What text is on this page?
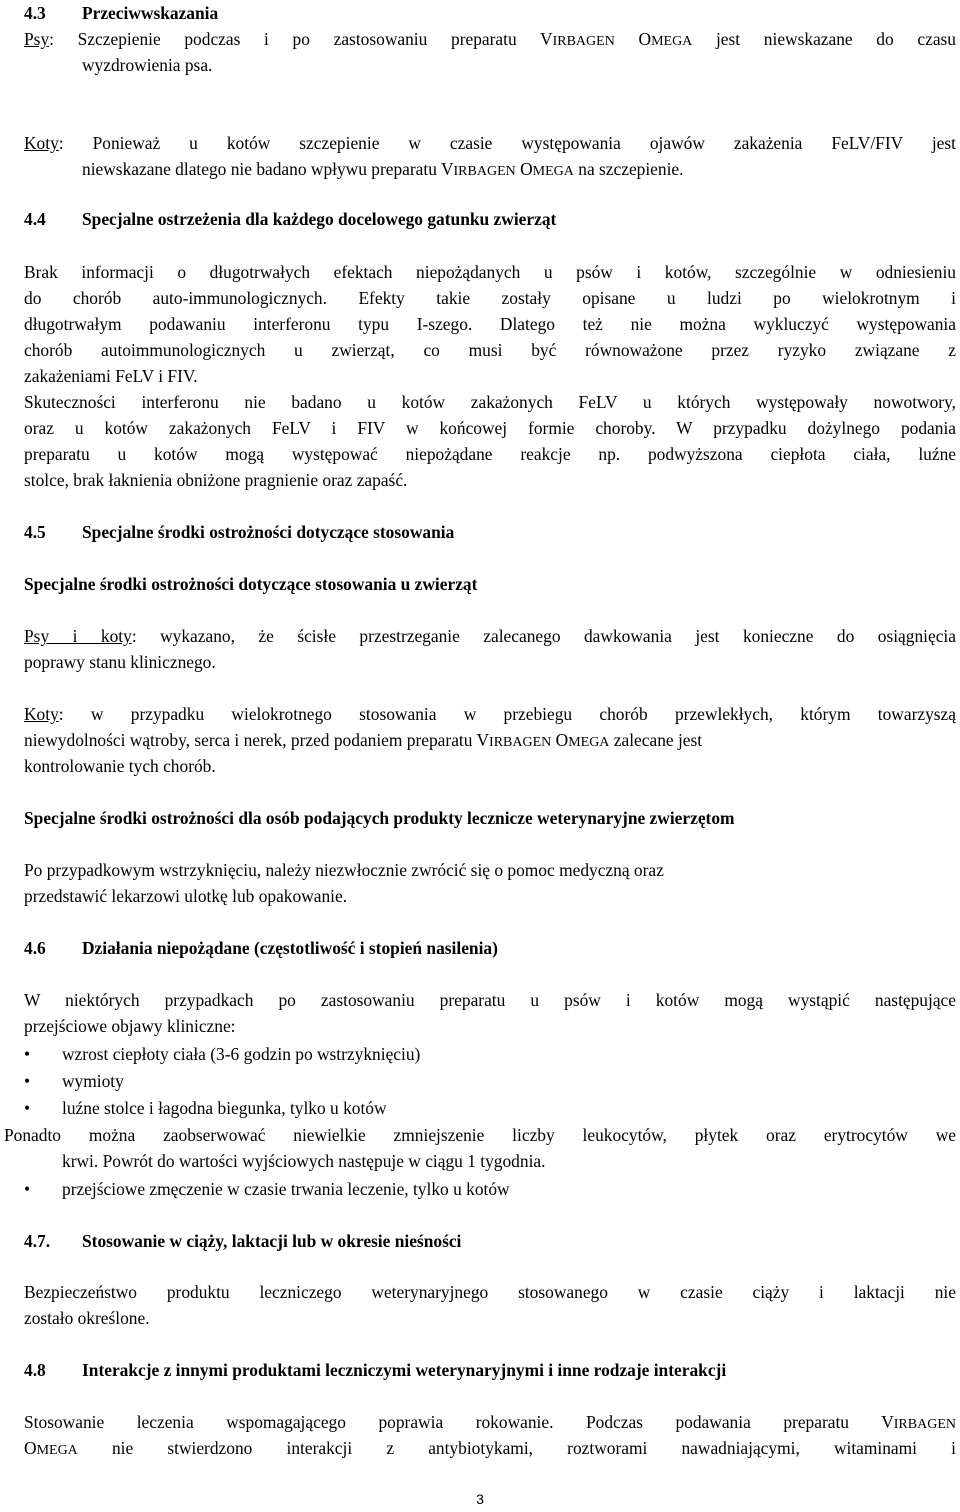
4.3 Przeciwwskazania
Psy: Szczepienie podczas i po zastosowaniu preparatu VIRBAGEN OMEGA jest niewskazane do czasu
wyzdrowienia psa.
Koty: Ponieważ u kotów szczepienie w czasie występowania ojawów zakażenia FeLV/FIV jest
niewskazane dlatego nie badano wpływu preparatu VIRBAGEN OMEGA na szczepienie.
4.4 Specjalne ostrzeżenia dla każdego docelowego gatunku zwierząt
Brak informacji o długotrwałych efektach niepożądanych u psów i kotów, szczególnie w odniesieniu
do chorób auto-immunologicznych. Efekty takie zostały opisane u ludzi po wielokrotnym i
długotrwałym podawaniu interferonu typu I-szego. Dlatego też nie można wykluczyć występowania
chorób autoimmunologicznych u zwierząt, co musi być równoważone przez ryzyko związane z
zakażeniami FeLV i FIV.
Skuteczności interferonu nie badano u kotów zakażonych FeLV u których występowały nowotwory,
oraz u kotów zakażonych FeLV i FIV w końcowej formie choroby. W przypadku dożylnego podania
preparatu u kotów mogą występować niepożądane reakcje np. podwyższona ciepłota ciała, luźne
stolce, brak łaknienia obniżone pragnienie oraz zapaść.
4.5 Specjalne środki ostrożności dotyczące stosowania
Specjalne środki ostrożności dotyczące stosowania u zwierząt
Psy i koty: wykazano, że ścisłe przestrzeganie zalecanego dawkowania jest konieczne do osiągnięcia
poprawy stanu klinicznego.
Koty: w przypadku wielokrotnego stosowania w przebiegu chorób przewlekłych, którym towarzyszą
niewydolności wątroby, serca i nerek, przed podaniem preparatu VIRBAGEN OMEGA zalecane jest
kontrolowanie tych chorób.
Specjalne środki ostrożności dla osób podających produkty lecznicze weterynaryjne zwierzętom
Po przypadkowym wstrzyknięciu, należy niezwłocznie zwrócić się o pomoc medyczną oraz
przedstawić lekarzowi ulotkę lub opakowanie.
4.6 Działania niepożądane (częstotliwość i stopień nasilenia)
W niektórych przypadkach po zastosowaniu preparatu u psów i kotów mogą wystąpić następujące
przejściowe objawy kliniczne:
•	wzrost ciepłoty ciała (3-6 godzin po wstrzyknięciu)
•	wymioty
•	luźne stolce i łagodna biegunka, tylko u kotów
Ponadto można zaobserwować niewielkie zmniejszenie liczby leukocytów, płytek oraz erytrocytów we
krwi. Powrót do wartości wyjściowych następuje w ciągu 1 tygodnia.
•	przejściowe zmęczenie w czasie trwania leczenie, tylko u kotów
4.7. Stosowanie w ciąży, laktacji lub w okresie nieśności
Bezpieczeństwo produktu leczniczego weterynaryjnego stosowanego w czasie ciąży i laktacji nie
zostało określone.
4.8 Interakcje z innymi produktami leczniczymi weterynaryjnymi i inne rodzaje interakcji
Stosowanie leczenia wspomagającego poprawia rokowanie. Podczas podawania preparatu VIRBAGEN
OMEGA nie stwierdzono interakcji z antybiotykami, roztworami nawadniającymi, witaminami i
3
